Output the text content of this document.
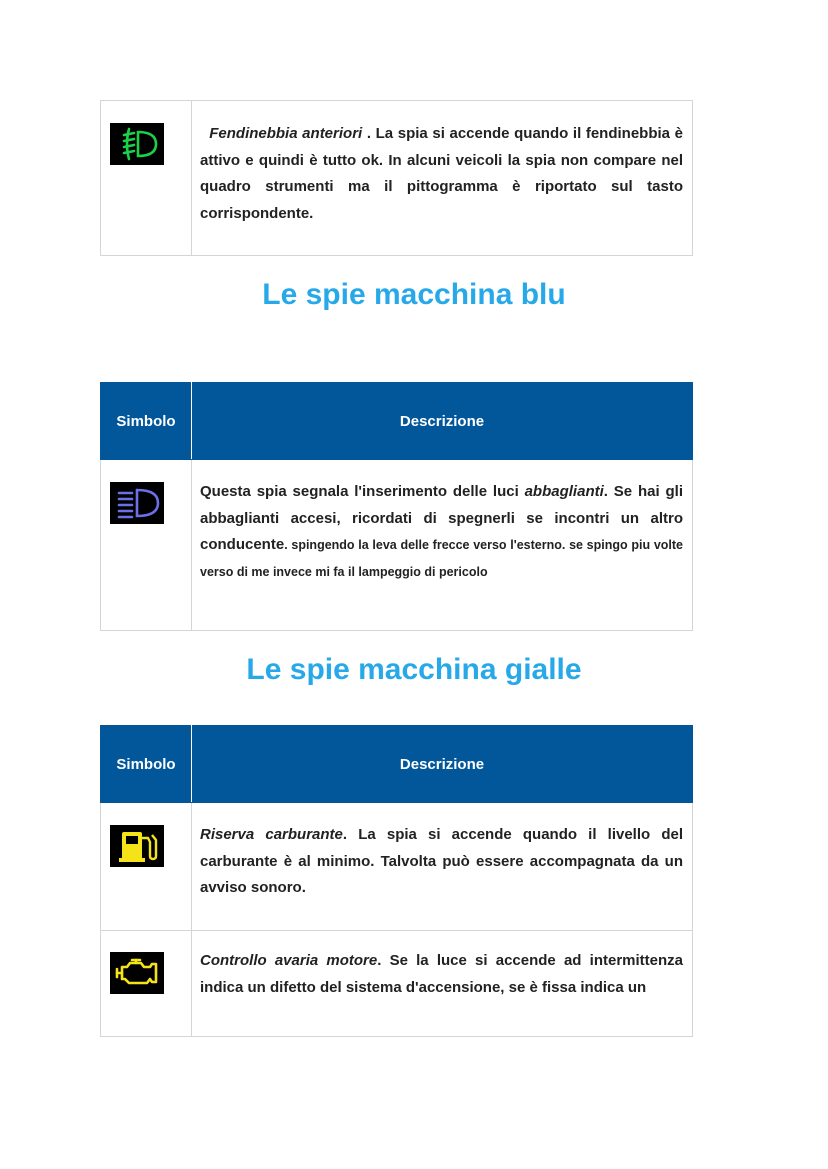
	Fendinebbia anteriori . La spia si accende quando il fendinebbia è attivo e quindi è tutto ok. In alcuni veicoli la spia non compare nel quadro strumenti ma il pittogramma è riportato sul tasto corrispondente.
Le spie macchina blu
Simbolo	Descrizione

	Questa spia segnala l'inserimento delle luci abbaglianti. Se hai gli abbaglianti accesi, ricordati di spegnerli se incontri un altro conducente. spingendo la leva delle frecce verso l'esterno. se spingo piu volte verso di me invece mi fa il lampeggio di pericolo
Le spie macchina gialle
Simbolo	Descrizione

	Riserva carburante. La spia si accende quando il livello del carburante è al minimo. Talvolta può essere accompagnata da un avviso sonoro.

	Controllo avaria motore. Se la luce si accende ad intermittenza indica un difetto del sistema d'accensione, se è fissa indica un
